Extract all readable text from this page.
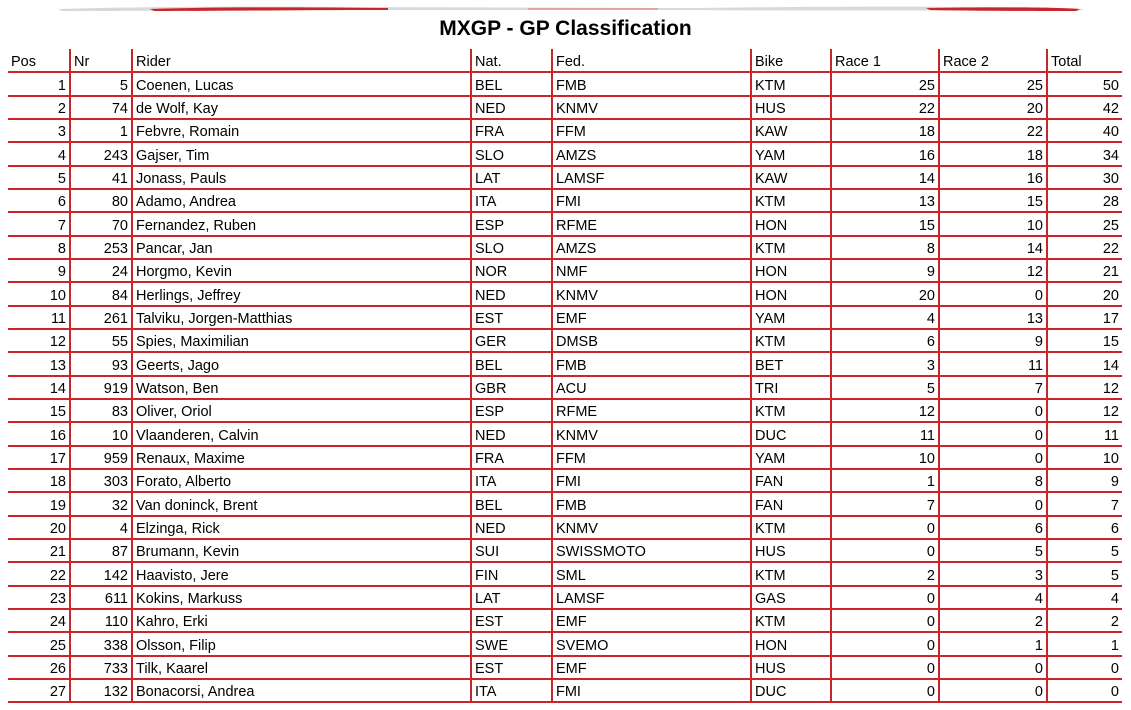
MXGP - GP Classification
Pos	Nr	Rider	Nat.	Fed.	Bike	Race 1	Race 2	Total
1	5	Coenen, Lucas	BEL	FMB	KTM	25	25	50
2	74	de Wolf, Kay	NED	KNMV	HUS	22	20	42
3	1	Febvre, Romain	FRA	FFM	KAW	18	22	40
4	243	Gajser, Tim	SLO	AMZS	YAM	16	18	34
5	41	Jonass, Pauls	LAT	LAMSF	KAW	14	16	30
6	80	Adamo, Andrea	ITA	FMI	KTM	13	15	28
7	70	Fernandez, Ruben	ESP	RFME	HON	15	10	25
8	253	Pancar, Jan	SLO	AMZS	KTM	8	14	22
9	24	Horgmo, Kevin	NOR	NMF	HON	9	12	21
10	84	Herlings, Jeffrey	NED	KNMV	HON	20	0	20
11	261	Talviku, Jorgen-Matthias	EST	EMF	YAM	4	13	17
12	55	Spies, Maximilian	GER	DMSB	KTM	6	9	15
13	93	Geerts, Jago	BEL	FMB	BET	3	11	14
14	919	Watson, Ben	GBR	ACU	TRI	5	7	12
15	83	Oliver, Oriol	ESP	RFME	KTM	12	0	12
16	10	Vlaanderen, Calvin	NED	KNMV	DUC	11	0	11
17	959	Renaux, Maxime	FRA	FFM	YAM	10	0	10
18	303	Forato, Alberto	ITA	FMI	FAN	1	8	9
19	32	Van doninck, Brent	BEL	FMB	FAN	7	0	7
20	4	Elzinga, Rick	NED	KNMV	KTM	0	6	6
21	87	Brumann, Kevin	SUI	SWISSMOTO	HUS	0	5	5
22	142	Haavisto, Jere	FIN	SML	KTM	2	3	5
23	611	Kokins, Markuss	LAT	LAMSF	GAS	0	4	4
24	110	Kahro, Erki	EST	EMF	KTM	0	2	2
25	338	Olsson, Filip	SWE	SVEMO	HON	0	1	1
26	733	Tilk, Kaarel	EST	EMF	HUS	0	0	0
27	132	Bonacorsi, Andrea	ITA	FMI	DUC	0	0	0
